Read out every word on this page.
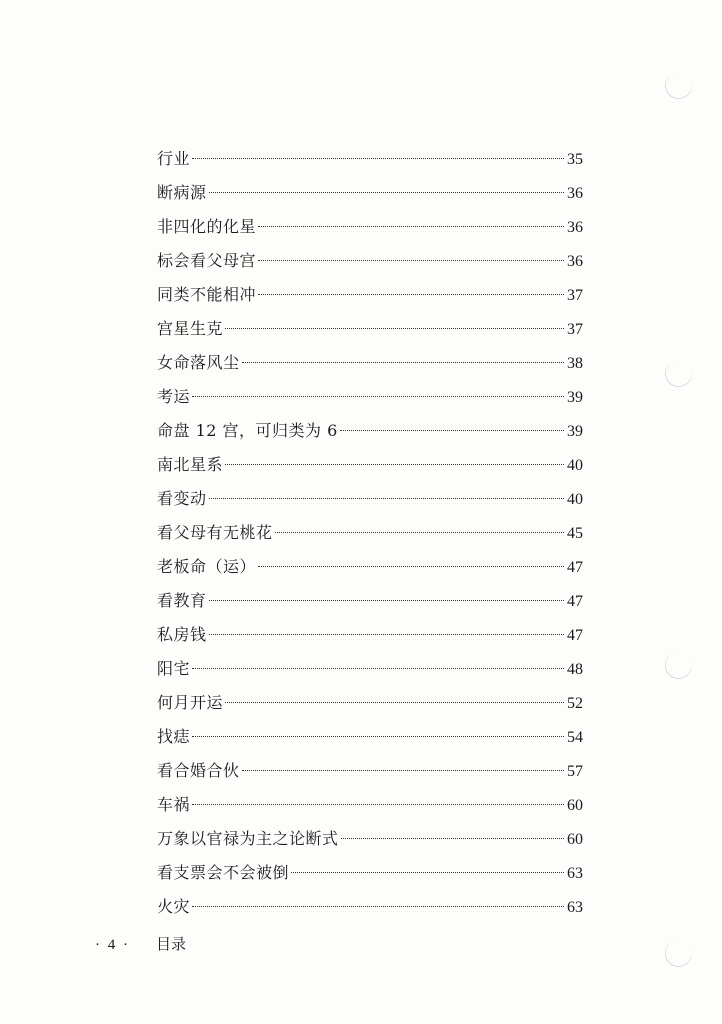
行业	35
断病源	36
非四化的化星	36
标会看父母宫	36
同类不能相冲	37
宫星生克	37
女命落风尘	38
考运	39
命盘 12 宫，可归类为 6	39
南北星系	40
看变动	40
看父母有无桃花	45
老板命（运）	47
看教育	47
私房钱	47
阳宅	48
何月开运	52
找痣	54
看合婚合伙	57
车祸	60
万象以官禄为主之论断式	60
看支票会不会被倒	63
火灾	63
· 4 · 目录
